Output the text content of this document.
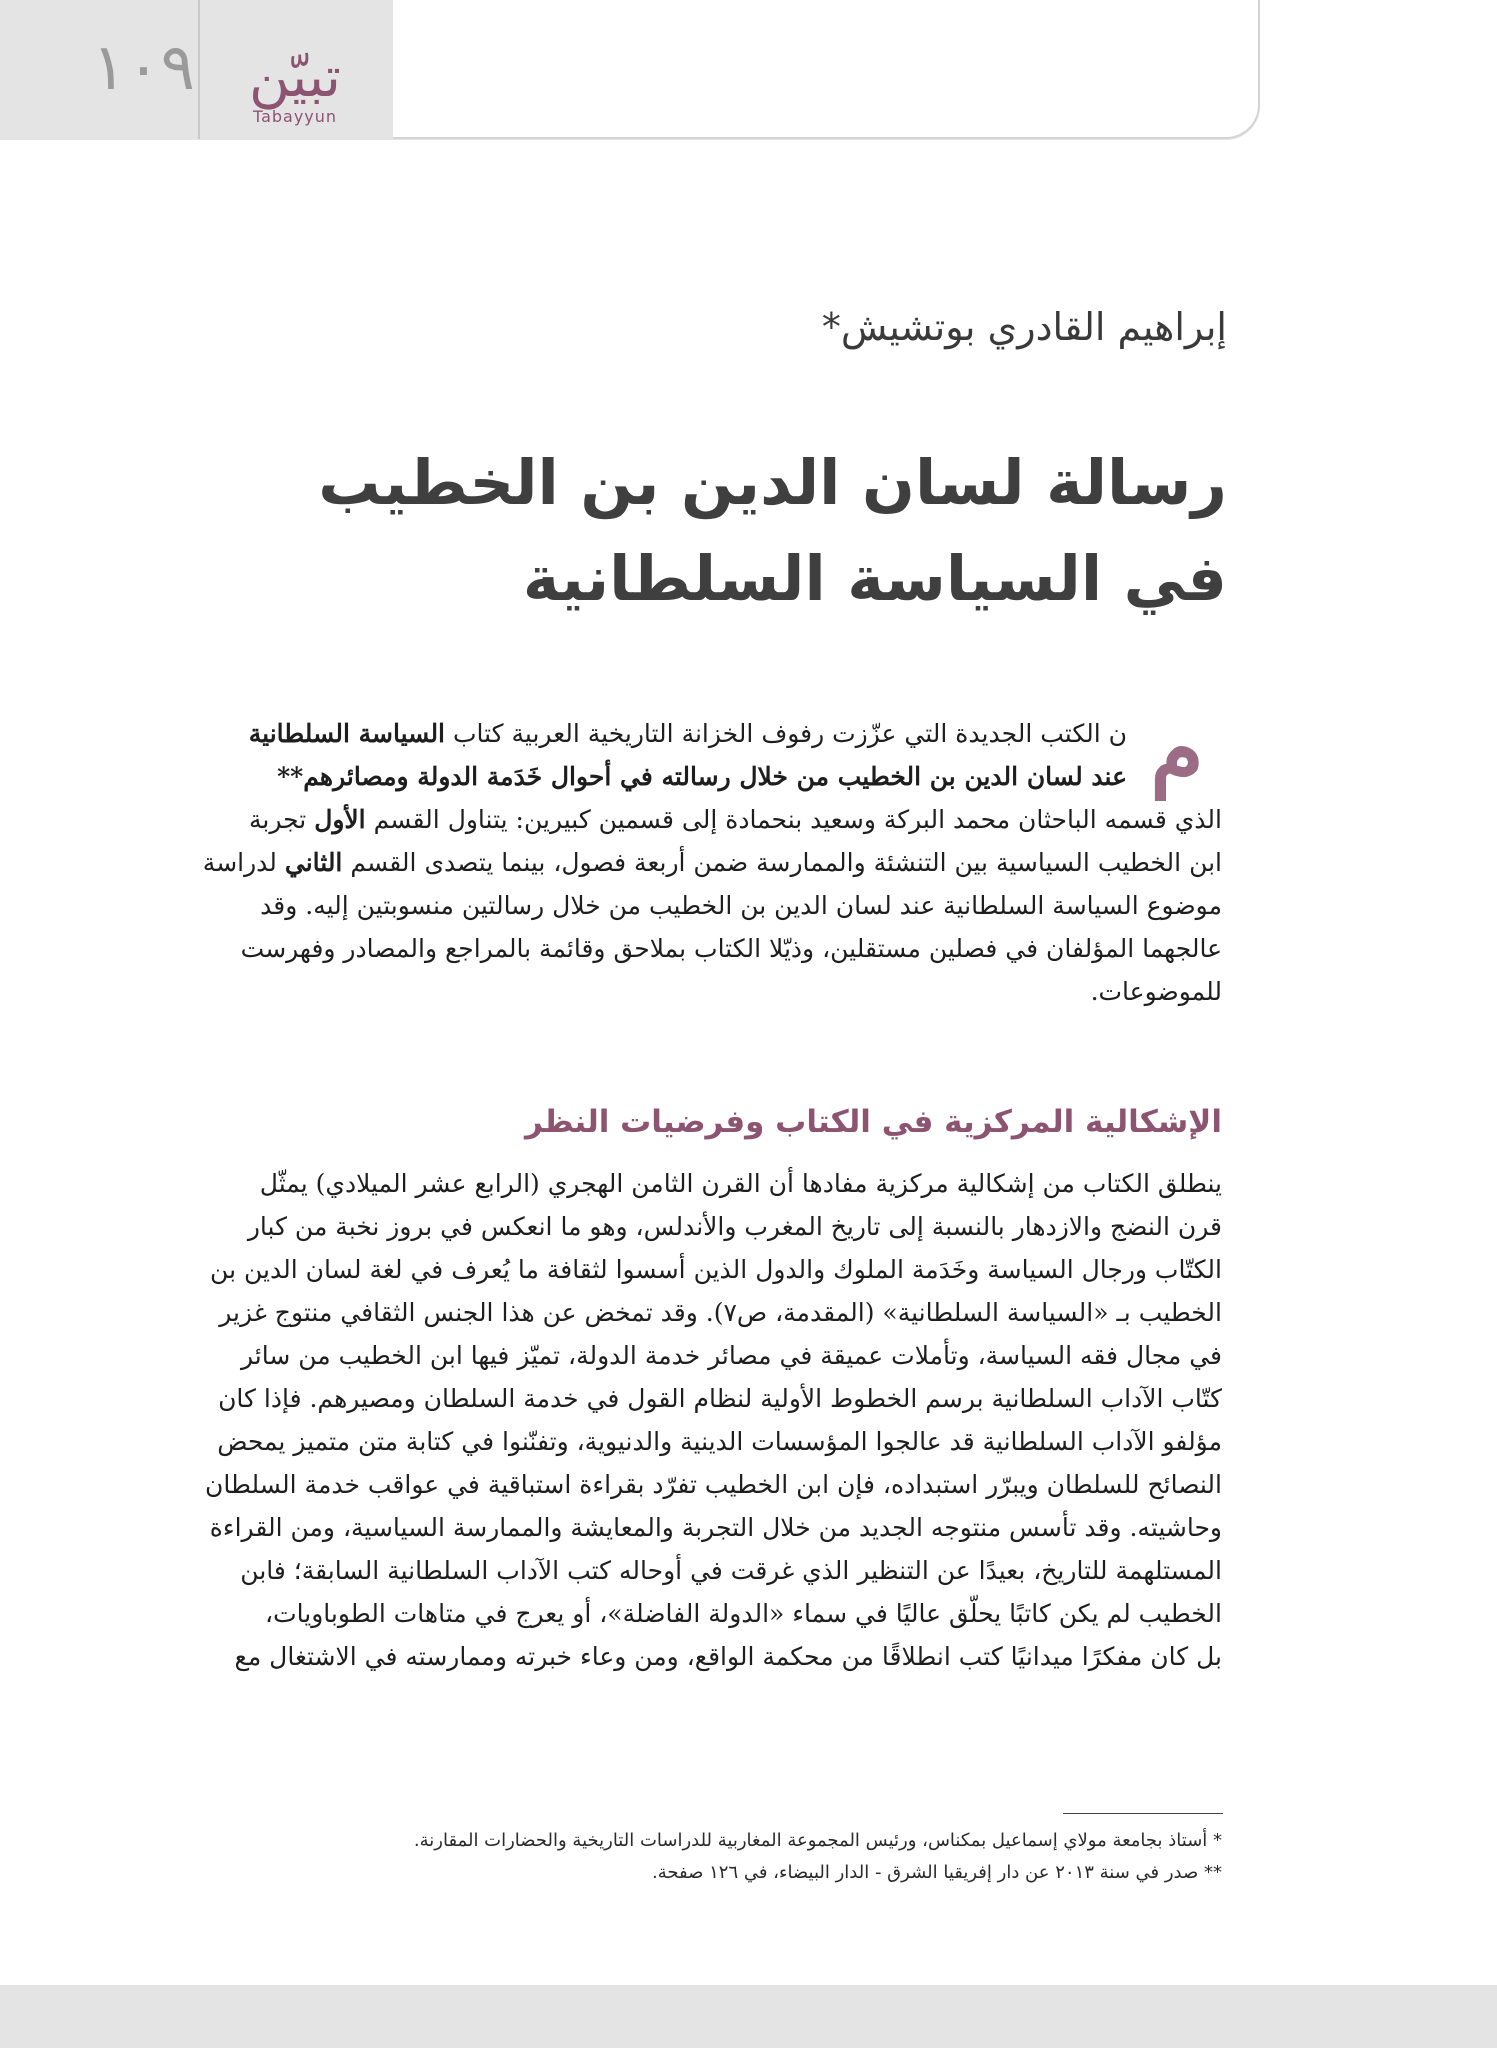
١٠٩ تبيّن
Tabayyun
إبراهيم القادري بوتشيش*
رسالة لسان الدين بن الخطيب
في السياسة السلطانية
م
ن الكتب الجديدة التي عزّزت رفوف الخزانة التاريخية العربية كتاب السياسة السلطانية
عند لسان الدين بن الخطيب من خلال رسالته في أحوال خَدَمة الدولة ومصائرهم**
الذي قسمه الباحثان محمد البركة وسعيد بنحمادة إلى قسمين كبيرين: يتناول القسم الأول تجربة
ابن الخطيب السياسية بين التنشئة والممارسة ضمن أربعة فصول، بينما يتصدى القسم الثاني لدراسة
موضوع السياسة السلطانية عند لسان الدين بن الخطيب من خلال رسالتين منسوبتين إليه. وقد
عالجهما المؤلفان في فصلين مستقلين، وذيّلا الكتاب بملاحق وقائمة بالمراجع والمصادر وفهرست
للموضوعات.
الإشكالية المركزية في الكتاب وفرضيات النظر
ينطلق الكتاب من إشكالية مركزية مفادها أن القرن الثامن الهجري (الرابع عشر الميلادي) يمثّل
قرن النضج والازدهار بالنسبة إلى تاريخ المغرب والأندلس، وهو ما انعكس في بروز نخبة من كبار
الكتّاب ورجال السياسة وخَدَمة الملوك والدول الذين أسسوا لثقافة ما يُعرف في لغة لسان الدين بن
الخطيب بـ «السياسة السلطانية» (المقدمة، ص٧). وقد تمخض عن هذا الجنس الثقافي منتوج غزير
في مجال فقه السياسة، وتأملات عميقة في مصائر خدمة الدولة، تميّز فيها ابن الخطيب من سائر
كتّاب الآداب السلطانية برسم الخطوط الأولية لنظام القول في خدمة السلطان ومصيرهم. فإذا كان
مؤلفو الآداب السلطانية قد عالجوا المؤسسات الدينية والدنيوية، وتفنّنوا في كتابة متن متميز يمحض
النصائح للسلطان ويبرّر استبداده، فإن ابن الخطيب تفرّد بقراءة استباقية في عواقب خدمة السلطان
وحاشيته. وقد تأسس منتوجه الجديد من خلال التجربة والمعايشة والممارسة السياسية، ومن القراءة
المستلهمة للتاريخ، بعيدًا عن التنظير الذي غرقت في أوحاله كتب الآداب السلطانية السابقة؛ فابن
الخطيب لم يكن كاتبًا يحلّق عاليًا في سماء «الدولة الفاضلة»، أو يعرج في متاهات الطوباويات،
بل كان مفكرًا ميدانيًا كتب انطلاقًا من محكمة الواقع، ومن وعاء خبرته وممارسته في الاشتغال مع
* أستاذ بجامعة مولاي إسماعيل بمكناس، ورئيس المجموعة المغاربية للدراسات التاريخية والحضارات المقارنة.
** صدر في سنة ٢٠١٣ عن دار إفريقيا الشرق - الدار البيضاء، في ١٢٦ صفحة.
